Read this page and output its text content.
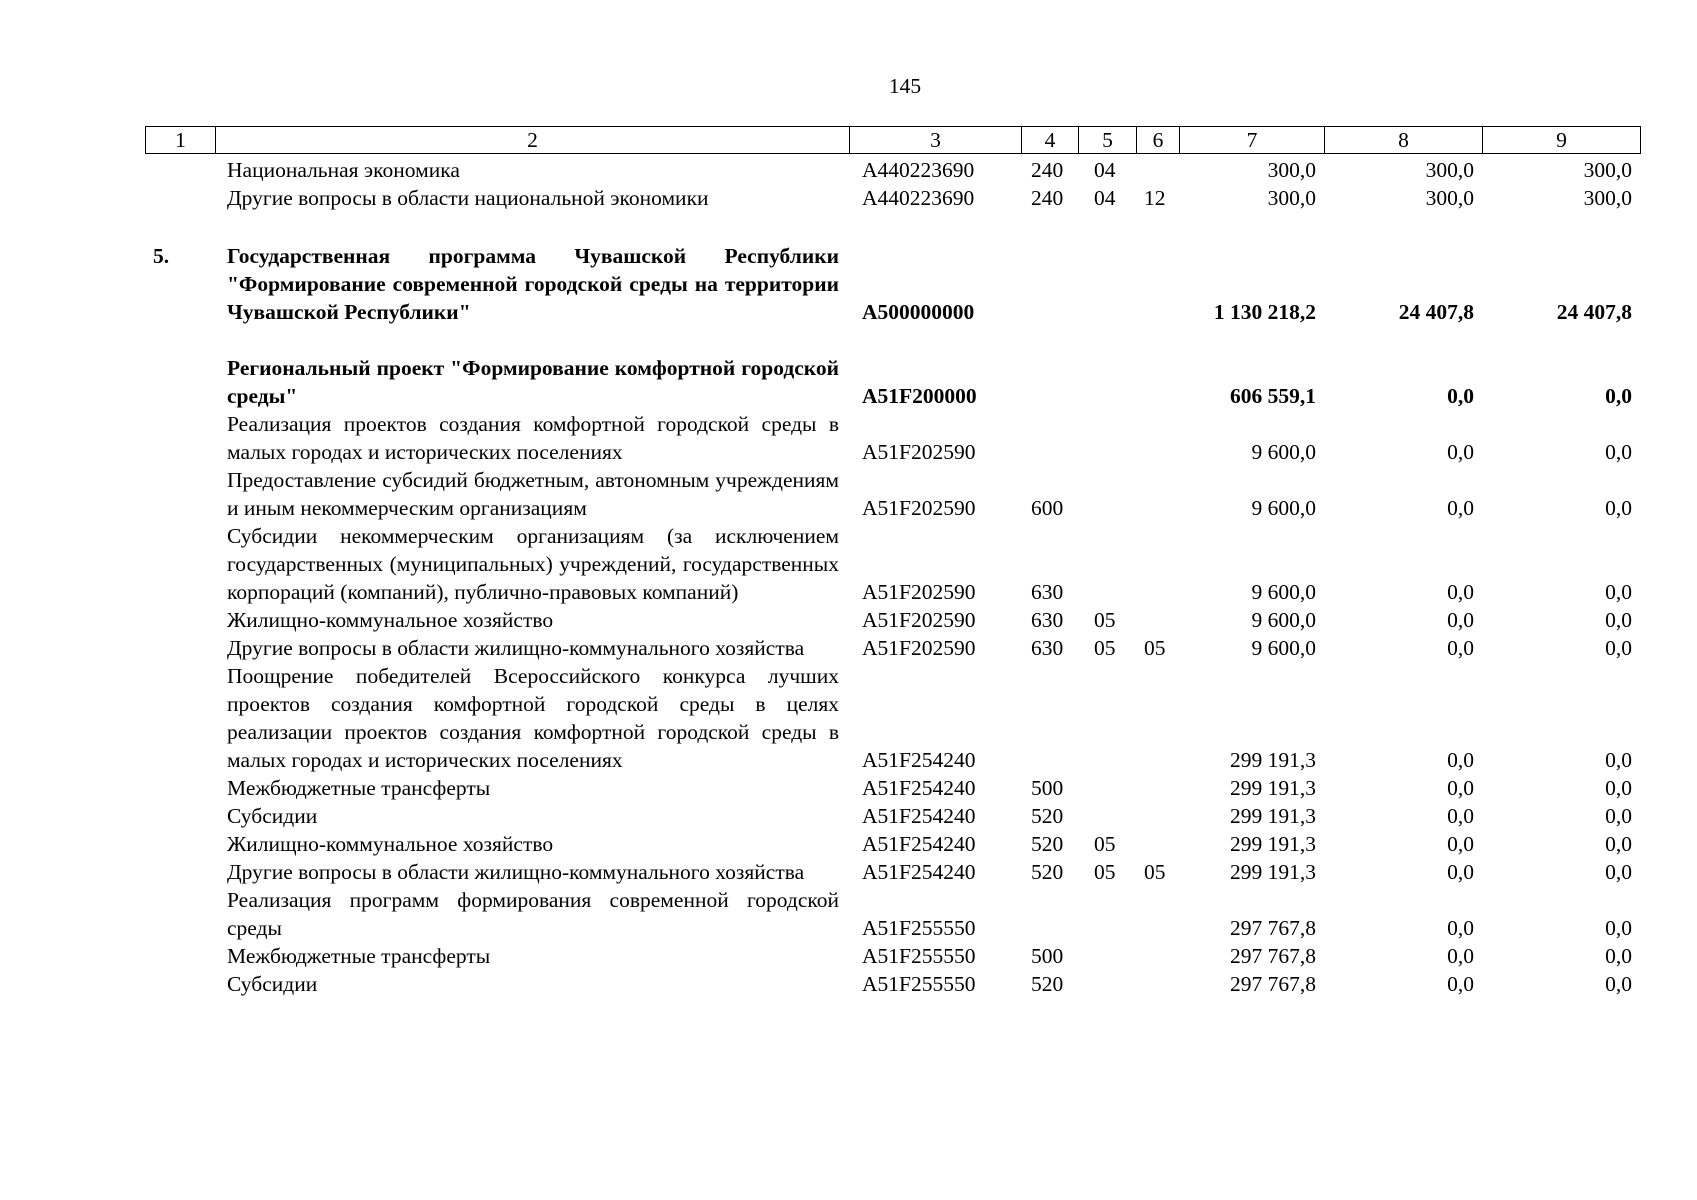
145
1	2	3	4	5	6	7	8	9
	Национальная экономика	А440223690	240	04		300,0	300,0	300,0
	Другие вопросы в области национальной экономики	А440223690	240	04	12	300,0	300,0	300,0

5.	Государственная программа Чувашской Республики "Формирование современной городской среды на территории Чувашской Республики"	А500000000				1 130 218,2	24 407,8	24 407,8

	Региональный проект "Формирование комфортной городской среды"	А51F200000				606 559,1	0,0	0,0
	Реализация проектов создания комфортной городской среды в малых городах и исторических поселениях	А51F202590				9 600,0	0,0	0,0
	Предоставление субсидий бюджетным, автономным учреждениям и иным некоммерческим организациям	А51F202590	600			9 600,0	0,0	0,0
	Субсидии некоммерческим организациям (за исключением государственных (муниципальных) учреждений, государственных корпораций (компаний), публично-правовых компаний)	А51F202590	630			9 600,0	0,0	0,0
	Жилищно-коммунальное хозяйство	А51F202590	630	05		9 600,0	0,0	0,0
	Другие вопросы в области жилищно-коммунального хозяйства	А51F202590	630	05	05	9 600,0	0,0	0,0
	Поощрение победителей Всероссийского конкурса лучших проектов создания комфортной городской среды в целях реализации проектов создания комфортной городской среды в малых городах и исторических поселениях	А51F254240				299 191,3	0,0	0,0
	Межбюджетные трансферты	А51F254240	500			299 191,3	0,0	0,0
	Субсидии	А51F254240	520			299 191,3	0,0	0,0
	Жилищно-коммунальное хозяйство	А51F254240	520	05		299 191,3	0,0	0,0
	Другие вопросы в области жилищно-коммунального хозяйства	А51F254240	520	05	05	299 191,3	0,0	0,0
	Реализация программ формирования современной городской среды	А51F255550				297 767,8	0,0	0,0
	Межбюджетные трансферты	А51F255550	500			297 767,8	0,0	0,0
	Субсидии	А51F255550	520			297 767,8	0,0	0,0
